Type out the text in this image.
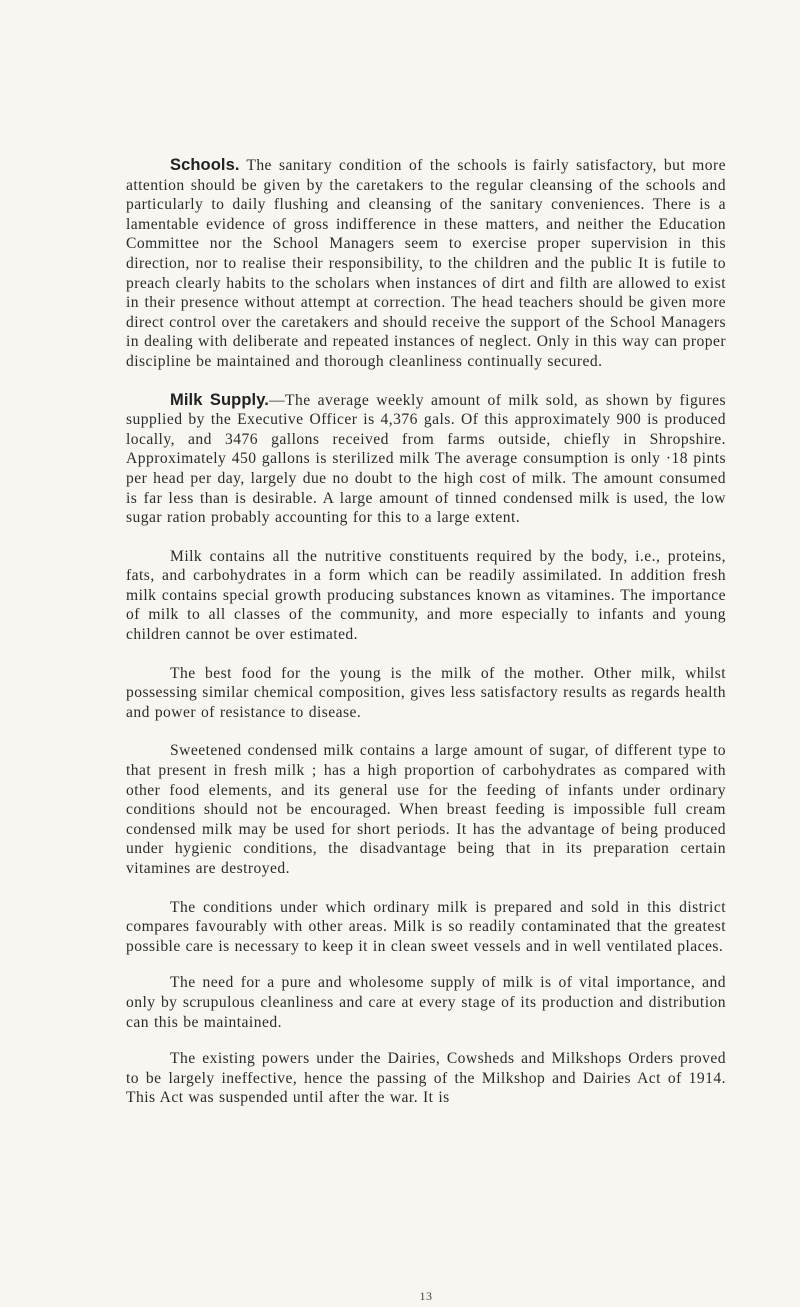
Schools. The sanitary condition of the schools is fairly satisfactory, but more attention should be given by the caretakers to the regular cleansing of the schools and particularly to daily flushing and cleansing of the sanitary conveniences. There is a lamentable evidence of gross indifference in these matters, and neither the Education Committee nor the School Managers seem to exercise proper supervision in this direction, nor to realise their responsibility, to the children and the public It is futile to preach clearly habits to the scholars when instances of dirt and filth are allowed to exist in their presence without attempt at correction. The head teachers should be given more direct control over the caretakers and should receive the support of the School Managers in dealing with deliberate and repeated instances of neglect. Only in this way can proper discipline be maintained and thorough cleanliness continually secured.

Milk Supply.—The average weekly amount of milk sold, as shown by figures supplied by the Executive Officer is 4,376 gals. Of this approximately 900 is produced locally, and 3476 gallons received from farms outside, chiefly in Shropshire. Approximately 450 gallons is sterilized milk The average consumption is only ·18 pints per head per day, largely due no doubt to the high cost of milk. The amount consumed is far less than is desirable. A large amount of tinned condensed milk is used, the low sugar ration probably accounting for this to a large extent.

Milk contains all the nutritive constituents required by the body, i.e., proteins, fats, and carbohydrates in a form which can be readily assimilated. In addition fresh milk contains special growth producing substances known as vitamines. The importance of milk to all classes of the community, and more especially to infants and young children cannot be over estimated.

The best food for the young is the milk of the mother. Other milk, whilst possessing similar chemical composition, gives less satisfactory results as regards health and power of resistance to disease.

Sweetened condensed milk contains a large amount of sugar, of different type to that present in fresh milk ; has a high proportion of carbohydrates as compared with other food elements, and its general use for the feeding of infants under ordinary conditions should not be encouraged. When breast feeding is impossible full cream condensed milk may be used for short periods. It has the advantage of being produced under hygienic conditions, the disadvantage being that in its preparation certain vitamines are destroyed.

The conditions under which ordinary milk is prepared and sold in this district compares favourably with other areas. Milk is so readily contaminated that the greatest possible care is necessary to keep it in clean sweet vessels and in well ventilated places.

The need for a pure and wholesome supply of milk is of vital importance, and only by scrupulous cleanliness and care at every stage of its production and distribution can this be maintained.

The existing powers under the Dairies, Cowsheds and Milkshops Orders proved to be largely ineffective, hence the passing of the Milkshop and Dairies Act of 1914. This Act was suspended until after the war. It is

13
